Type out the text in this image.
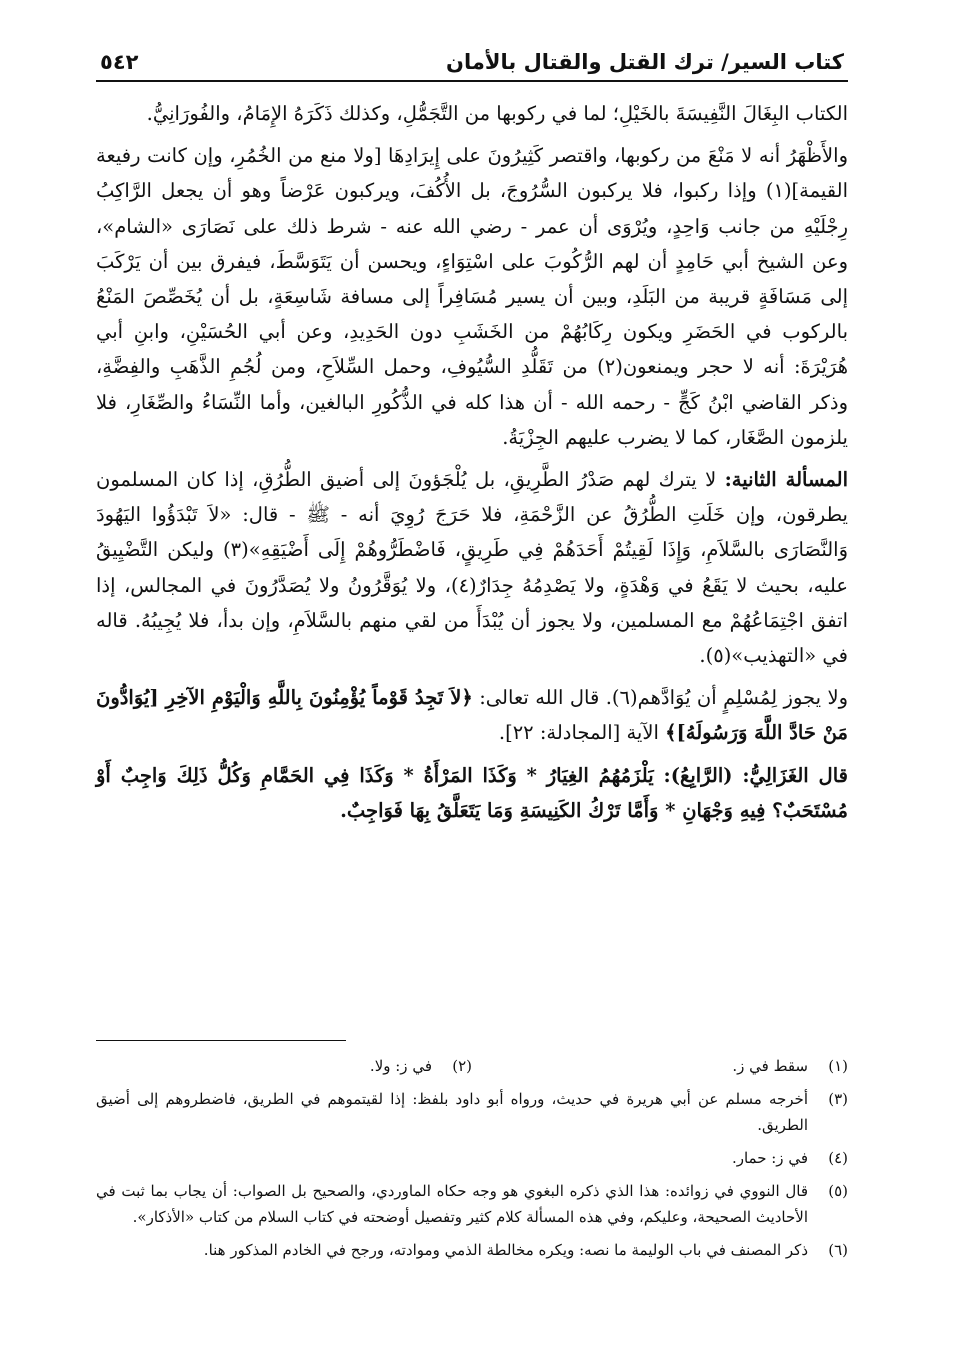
كتاب السير/ ترك القتل والقتال بالأمان
٥٤٢

الكتاب البِغَالَ النَّفِيسَةَ بالخَيْلِ؛ لما في ركوبها من التَّجَمُّلِ، وكذلك ذَكَرَهُ الإِمَامُ، والفُورَانِيُّ.

والأَظْهَرُ أنه لا مَنْعَ من ركوبها، واقتصر كَثِيرُونَ على إِيرَادِهَا [ولا منع من الخُمُرِ، وإن كانت رفيعة القيمة](١) وإذا ركبوا، فلا يركبون السُّرُوجَ، بل الأُكُفَ، ويركبون عَرْضاً وهو أن يجعل الرَّاكِبُ رِجْلَيْهِ من جانب وَاحِدٍ، ويُرْوَى أن عمر - رضي الله عنه - شرط ذلك على نَصَارَى «الشام»، وعن الشيخ أبي حَامِدٍ أن لهم الرُّكُوبَ على اسْتِوَاءٍ، ويحسن أن يَتَوَسَّطَ، فيفرق بين أن يَرْكَبَ إلى مَسَافَةٍ قريبة من البَلَدِ، وبين أن يسير مُسَافِراً إلى مسافة شَاسِعَةٍ، بل أن يُخَصِّصَ المَنْعُ بالركوب في الحَضَرِ ويكون رِكَابُهُمْ من الخَشَبِ دون الحَدِيدِ، وعن أبي الحُسَيْنِ، وابنِ أبي هُرَيْرَةَ: أنه لا حجر ويمنعون(٢) من تَقَلُّدِ السُّيُوفِ، وحمل السِّلاَحِ، ومن لُجُمِ الذَّهَبِ والفِضَّةِ، وذكر القاضي ابْنُ كَجٍّ - رحمه الله - أن هذا كله في الذُّكُورِ البالغين، وأما النِّسَاءُ والصِّغَارِ، فلا يلزمون الصَّغَار، كما لا يضرب عليهم الجِزْيَةُ.

المسألة الثانية: لا يترك لهم صَدْرُ الطَّرِيقِ، بل يُلْجَؤونَ إلى أضيق الطُّرُقِ، إذا كان المسلمون يطرقون، وإن خَلَتِ الطُّرُقُ عن الزَّحْمَةِ، فلا حَرَجَ رُوِيَ أنه - ﷺ - قال: «لاَ تَبْدَؤُوا اليَهُودَ وَالنَّصَارَى بالسَّلاَمِ، وَإِذَا لَقِيتُمْ أَحَدَهُمْ فِي طَرِيقٍ، فَاضْطَرُّوهُمْ إِلَى أَضْيَقِهِ»(٣) وليكن التَّضْيِيقُ عليه، بحيث لا يَقَعُ في وَهْدَةٍ، ولا يَصْدِمُهُ جِدَارٌ(٤)، ولا يُوَقَّرُونُ ولا يُصَدَّرُونَ في المجالس، إذا اتفق اجْتِمَاعُهُمْ مع المسلمين، ولا يجوز أن يُبْدَأَ من لقي منهم بالسَّلاَمِ، وإن بدأ، فلا يُجِيبُهُ. قاله في «التهذيب»(٥).

ولا يجوز لِمُسْلِمٍ أن يُوَادَّهم(٦). قال الله تعالى: ﴿لاَ تَجِدُ قَوْماً يُؤْمِنُونَ بِاللَّهِ وَالْيَوْمِ الآخِرِ [يُوَادُّونَ مَنْ حَادَّ اللَّهَ وَرَسُولَهُ]﴾ الآية [المجادلة: ٢٢].

قال الغَزَالِيُّ: (الرَّابِعُ): يَلْزَمُهُمُ الغِيَارُ * وَكَذَا المَرْأَةُ * وَكَذَا فِي الحَمَّامِ وَكُلُّ ذَلِكَ وَاجِبٌ أَوْ مُسْتَحَبٌ؟ فِيهِ وَجْهَانِ * وَأَمَّا تَرْكُ الكَنِيسَةِ وَمَا يَتَعَلَّقُ بِهَا فَوَاجِبٌ.

(١)
سقط في ز.
(٢)
في ز: ولا.
(٣)
أخرجه مسلم عن أبي هريرة في حديث، ورواه أبو داود بلفظ: إذا لقيتموهم في الطريق، فاضطروهم إلى أضيق الطريق.
(٤)
في ز: حمار.
(٥)
قال النووي في زوائده: هذا الذي ذكره البغوي هو وجه حكاه الماوردي، والصحيح بل الصواب: أن يجاب بما ثبت في الأحاديث الصحيحة، وعليكم، وفي هذه المسألة كلام كثير وتفصيل أوضحته في كتاب السلام من كتاب «الأذكار».
(٦)
ذكر المصنف في باب الوليمة ما نصه: ويكره مخالطة الذمي وموادته، ورجح في الخادم المذكور هنا.
